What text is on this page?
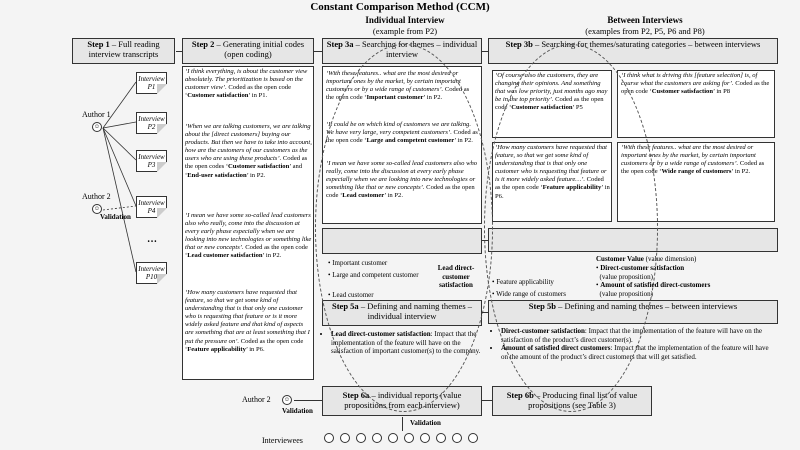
Constant Comparison Method (CCM)
Individual Interview
(example from P2)
Between Interviews
(examples from P2, P5, P6 and P8)
Step 1 – Full reading interview transcripts
Step 2 – Generating initial codes (open coding)
‘I think everything, is about the customer view absolutely. The prioritization is based on the customer view’. Coded as the open code ‘Customer satisfaction’ in P1.
‘When we are talking customers, we are talking about the [direct customers] buying our products. But then we have to take into account, how are the customers of our customers as the users who are using these products’. Coded as the open codes ‘Customer satisfaction’ and ‘End-user satisfaction’ in P2.
‘I mean we have some so-called lead customers also who really, come into the discussion at every early phase especially when we are looking into new technologies or something like that or new concepts’. Coded as the open code ‘Lead customer satisfaction’ in P2.
‘How many customers have requested that feature, so that we get some kind of understanding that is that only one customer who is requesting that feature or is it more widely asked feature and that kind of aspects are something that are at least something that I put the pressure on’. Coded as the open code ‘Feature applicability’ in P6.
Step 3a – Searching for themes – individual interview
‘With these features.. what are the most desired or important ones by the market, by certain important customers or by a wide range of customers’. Coded as the open code ‘Important customer’ in P2.
‘It could be on which kind of customers we are talking. We have very large, very competent customers’. Coded as the open code ‘Large and competent customer’ in P2.
‘I mean we have some so-called lead customers also who really, come into the discussion at every early phase especially when we are looking into new technologies or something like that or new concepts’. Coded as the open code ‘Lead customer’ in P2.
Step 3b – Searching for themes/saturating categories – between interviews
‘Of course also the customers, they are changing their opinions. And something that was low priority, just months ago may be in the top priority’. Coded as the open code ‘Customer satisfaction’ P5
‘I think what is driving this [feature selection] is, of course what the customers are asking for’. Coded as the open code ‘Customer satisfaction’ in P8
‘How many customers have requested that feature, so that we get some kind of understanding that is that only one customer who is requesting that feature or is it more widely asked feature…’. Coded as the open code ‘Feature applicability’ in P6.
‘With these features.. what are the most desired or important ones by the market, by certain important customers or by a wide range of customers’. Coded as the open code ‘Wide range of customers’ in P2.
• Important customer
• Large and competent customer
• Lead customer
Lead direct-customer satisfaction
Customer Value (value dimension)
• Direct-customer satisfaction
(value proposition)
• Amount of satisfied direct-customers
(value proposition)
• Feature applicability
• Wide range of customers
Step 5a – Defining and naming themes – individual interview
• Lead direct-customer satisfaction: Impact that the implementation of the feature will have on the satisfaction of important customer(s) to the company.
Step 5b – Defining and naming themes – between interviews
• Direct-customer satisfaction: Impact that the implementation of the feature will have on the satisfaction of the product’s direct customer(s).
• Amount of satisfied direct customers: Impact that the implementation of the feature will have on the amount of the product’s direct customers that will get satisfied.
Step 6a – individual reports (value propositions from each interview)
Step 6b – Producing final list of value propositions (see Table 3)
Author 1
☺
Author 2
☺
Validation
Interview P1
Interview P2
Interview P3
Interview P4
…
Interview P10
Author 2	☺
Validation
Validation
Interviewees
